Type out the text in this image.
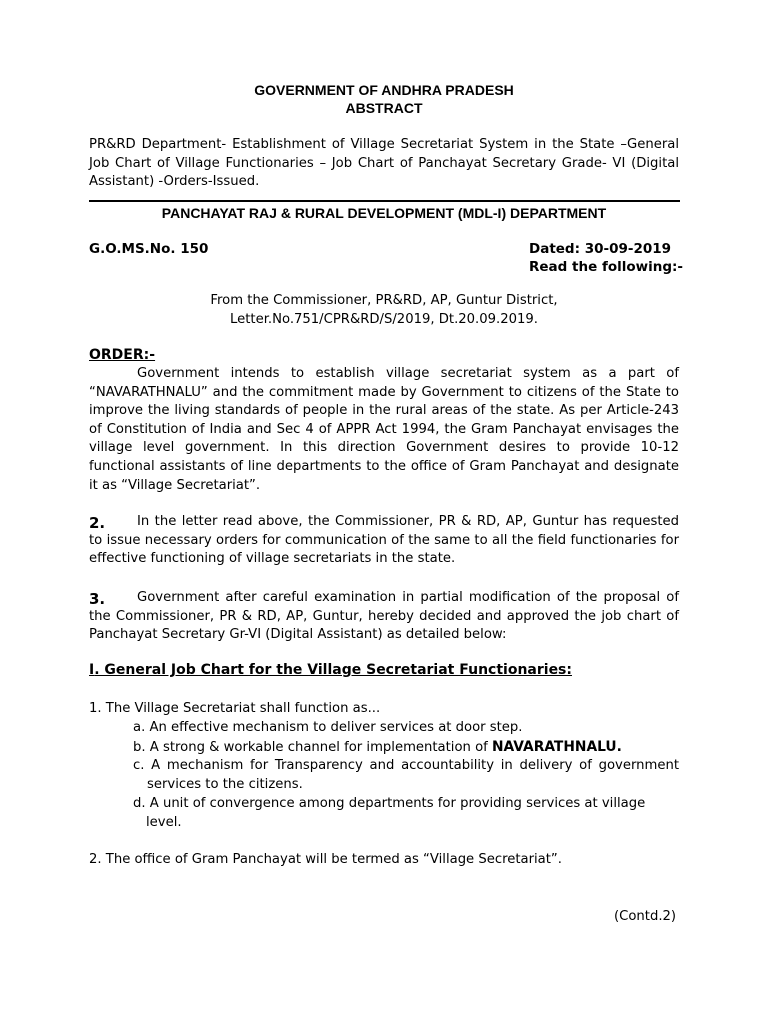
GOVERNMENT OF ANDHRA PRADESH
ABSTRACT

PR&RD Department- Establishment of Village Secretariat System in the State –General Job Chart of Village Functionaries – Job Chart of Panchayat Secretary Grade- VI (Digital Assistant) -Orders-Issued.

PANCHAYAT RAJ & RURAL DEVELOPMENT (MDL-I) DEPARTMENT
G.O.MS.No. 150	Dated: 30-09-2019
Read the following:-
From the Commissioner, PR&RD, AP, Guntur District,
Letter.No.751/CPR&RD/S/2019, Dt.20.09.2019.
ORDER:-

Government intends to establish village secretariat system as a part of “NAVARATHNALU” and the commitment made by Government to citizens of the State to improve the living standards of people in the rural areas of the state. As per Article-243 of Constitution of India and Sec 4 of APPR Act 1994, the Gram Panchayat envisages the village level government. In this direction Government desires to provide 10-12 functional assistants of line departments to the office of Gram Panchayat and designate it as “Village Secretariat”.

2.	In the letter read above, the Commissioner, PR & RD, AP, Guntur has requested to issue necessary orders for communication of the same to all the field functionaries for effective functioning of village secretariats in the state.

3.	Government after careful examination in partial modification of the proposal of the Commissioner, PR & RD, AP, Guntur, hereby decided and approved the job chart of Panchayat Secretary Gr-VI (Digital Assistant) as detailed below:

I. General Job Chart for the Village Secretariat Functionaries:
1. The Village Secretariat shall function as...
a. An effective mechanism to deliver services at door step.
b. A strong & workable channel for implementation of NAVARATHNALU.
c. A mechanism for Transparency and accountability in delivery of government services to the citizens.
d. A unit of convergence among departments for providing services at village
level.
2. The office of Gram Panchayat will be termed as “Village Secretariat”.
(Contd.2)
